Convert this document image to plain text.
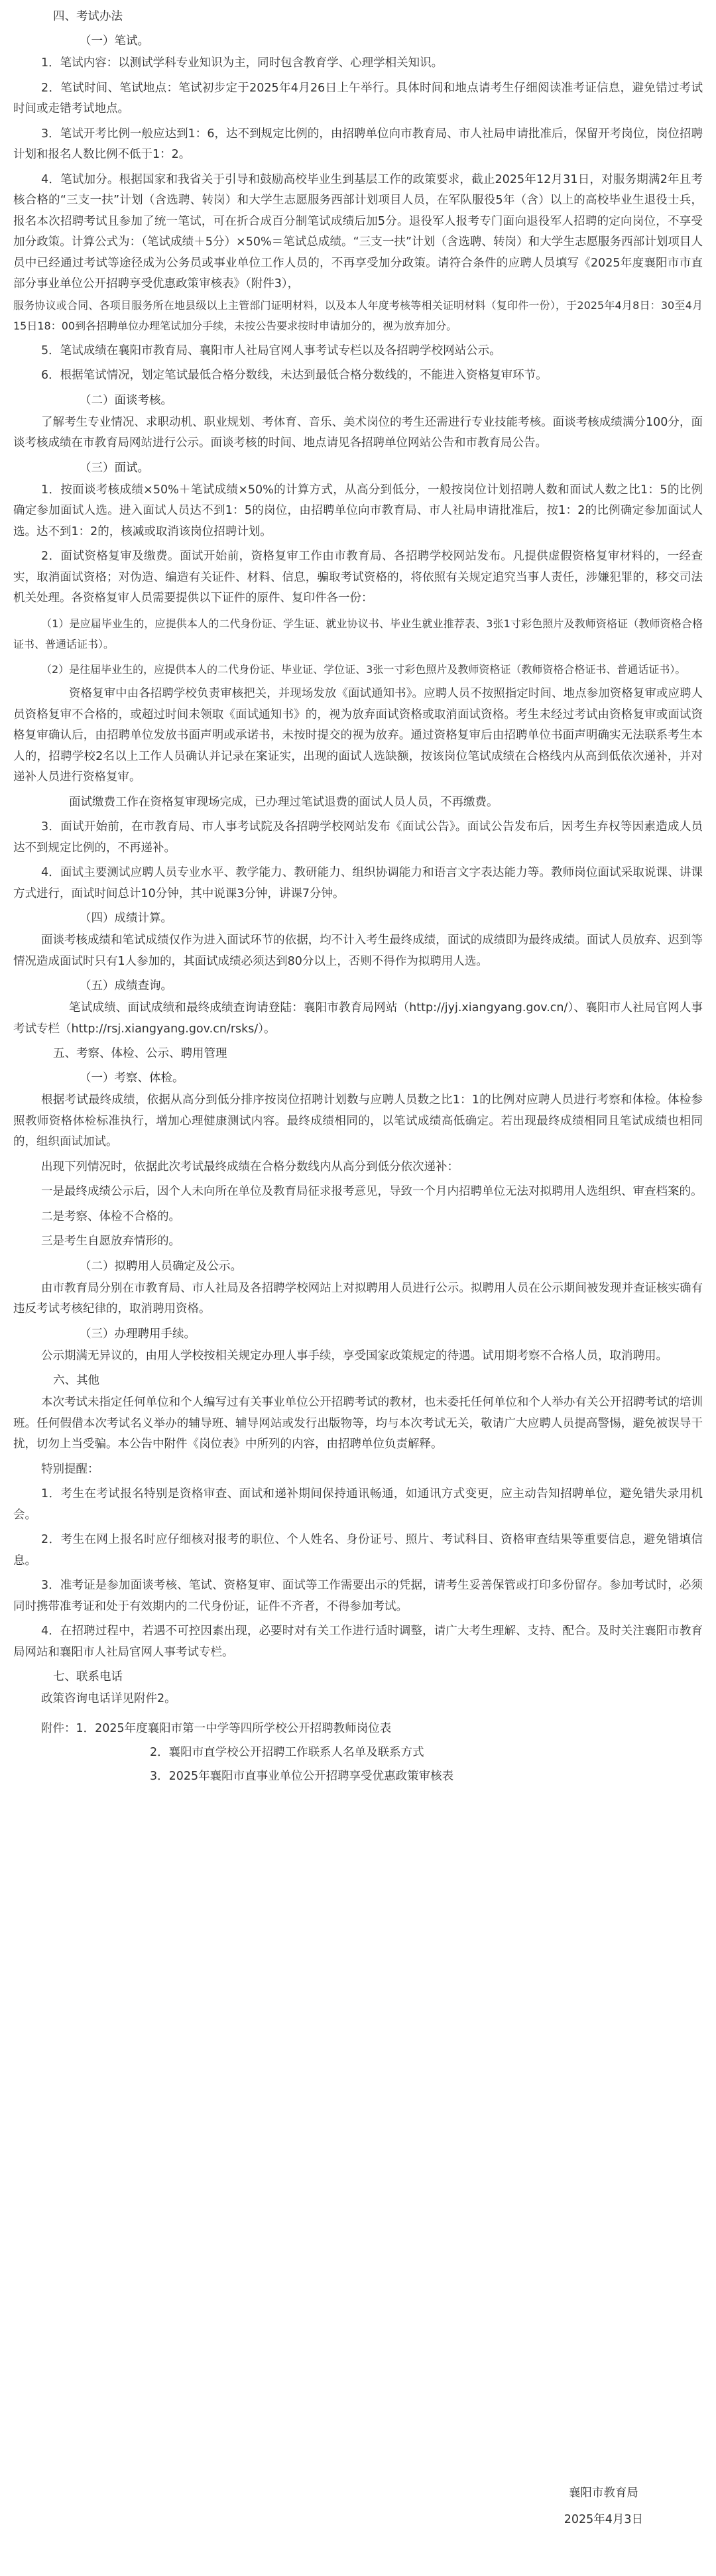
四、考试办法
（一）笔试。

1．笔试内容：以测试学科专业知识为主，同时包含教育学、心理学相关知识。

2．笔试时间、笔试地点：笔试初步定于2025年4月26日上午举行。具体时间和地点请考生仔细阅读准考证信息，避免错过考试时间或走错考试地点。

3．笔试开考比例一般应达到1：6，达不到规定比例的，由招聘单位向市教育局、市人社局申请批准后，保留开考岗位，岗位招聘计划和报名人数比例不低于1：2。

4．笔试加分。根据国家和我省关于引导和鼓励高校毕业生到基层工作的政策要求，截止2025年12月31日，对服务期满2年且考核合格的“三支一扶”计划（含选聘、转岗）和大学生志愿服务西部计划项目人员，在军队服役5年（含）以上的高校毕业生退役士兵，报名本次招聘考试且参加了统一笔试，可在折合成百分制笔试成绩后加5分。退役军人报考专门面向退役军人招聘的定向岗位，不享受加分政策。计算公式为：（笔试成绩＋5分）×50%＝笔试总成绩。“三支一扶”计划（含选聘、转岗）和大学生志愿服务西部计划项目人员中已经通过考试等途径成为公务员或事业单位工作人员的，不再享受加分政策。请符合条件的应聘人员填写《2025年度襄阳市市直部分事业单位公开招聘享受优惠政策审核表》（附件3），

服务协议或合同、各项目服务所在地县级以上主管部门证明材料，以及本人年度考核等相关证明材料（复印件一份），于2025年4月8日：30至4月15日18：00到各招聘单位办理笔试加分手续，未按公告要求按时申请加分的，视为放弃加分。

5．笔试成绩在襄阳市教育局、襄阳市人社局官网人事考试专栏以及各招聘学校网站公示。

6．根据笔试情况，划定笔试最低合格分数线，未达到最低合格分数线的，不能进入资格复审环节。

（二）面谈考核。

了解考生专业情况、求职动机、职业规划、考体育、音乐、美术岗位的考生还需进行专业技能考核。面谈考核成绩满分100分，面谈考核成绩在市教育局网站进行公示。面谈考核的时间、地点请见各招聘单位网站公告和市教育局公告。

（三）面试。

1．按面谈考核成绩×50%＋笔试成绩×50%的计算方式，从高分到低分，一般按岗位计划招聘人数和面试人数之比1：5的比例确定参加面试人选。进入面试人员达不到1：5的岗位，由招聘单位向市教育局、市人社局申请批准后，按1：2的比例确定参加面试人选。达不到1：2的，核减或取消该岗位招聘计划。

2．面试资格复审及缴费。面试开始前，资格复审工作由市教育局、各招聘学校网站发布。凡提供虚假资格复审材料的，一经查实，取消面试资格；对伪造、编造有关证件、材料、信息，骗取考试资格的，将依照有关规定追究当事人责任，涉嫌犯罪的，移交司法机关处理。各资格复审人员需要提供以下证件的原件、复印件各一份：

（1）是应届毕业生的，应提供本人的二代身份证、学生证、就业协议书、毕业生就业推荐表、3张1寸彩色照片及教师资格证（教师资格合格证书、普通话证书）。

（2）是往届毕业生的，应提供本人的二代身份证、毕业证、学位证、3张一寸彩色照片及教师资格证（教师资格合格证书、普通话证书）。

资格复审中由各招聘学校负责审核把关，并现场发放《面试通知书》。应聘人员不按照指定时间、地点参加资格复审或应聘人员资格复审不合格的，或超过时间未领取《面试通知书》的，视为放弃面试资格或取消面试资格。考生未经过考试由资格复审或面试资格复审确认后，由招聘单位发放书面声明或承诺书，未按时提交的视为放弃。通过资格复审后由招聘单位书面声明确实无法联系考生本人的，招聘学校2名以上工作人员确认并记录在案证实，出现的面试人选缺额，按该岗位笔试成绩在合格线内从高到低依次递补，并对递补人员进行资格复审。

面试缴费工作在资格复审现场完成，已办理过笔试退费的面试人员人员，不再缴费。

3．面试开始前，在市教育局、市人事考试院及各招聘学校网站发布《面试公告》。面试公告发布后，因考生弃权等因素造成人员达不到规定比例的，不再递补。

4．面试主要测试应聘人员专业水平、教学能力、教研能力、组织协调能力和语言文字表达能力等。教师岗位面试采取说课、讲课方式进行，面试时间总计10分钟，其中说课3分钟，讲课7分钟。

（四）成绩计算。

面谈考核成绩和笔试成绩仅作为进入面试环节的依据，均不计入考生最终成绩，面试的成绩即为最终成绩。面试人员放弃、迟到等情况造成面试时只有1人参加的，其面试成绩必须达到80分以上，否则不得作为拟聘用人选。

（五）成绩查询。

笔试成绩、面试成绩和最终成绩查询请登陆：襄阳市教育局网站（http://jyj.xiangyang.gov.cn/）、襄阳市人社局官网人事考试专栏（http://rsj.xiangyang.gov.cn/rsks/）。

五、考察、体检、公示、聘用管理
（一）考察、体检。

根据考试最终成绩，依据从高分到低分排序按岗位招聘计划数与应聘人员数之比1：1的比例对应聘人员进行考察和体检。体检参照教师资格体检标准执行，增加心理健康测试内容。最终成绩相同的，以笔试成绩高低确定。若出现最终成绩相同且笔试成绩也相同的，组织面试加试。

出现下列情况时，依据此次考试最终成绩在合格分数线内从高分到低分依次递补：

一是最终成绩公示后，因个人未向所在单位及教育局征求报考意见，导致一个月内招聘单位无法对拟聘用人选组织、审查档案的。

二是考察、体检不合格的。

三是考生自愿放弃情形的。

（二）拟聘用人员确定及公示。

由市教育局分别在市教育局、市人社局及各招聘学校网站上对拟聘用人员进行公示。拟聘用人员在公示期间被发现并查证核实确有违反考试考核纪律的，取消聘用资格。

（三）办理聘用手续。

公示期满无异议的，由用人学校按相关规定办理人事手续，享受国家政策规定的待遇。试用期考察不合格人员，取消聘用。

六、其他

本次考试未指定任何单位和个人编写过有关事业单位公开招聘考试的教材，也未委托任何单位和个人举办有关公开招聘考试的培训班。任何假借本次考试名义举办的辅导班、辅导网站或发行出版物等，均与本次考试无关，敬请广大应聘人员提高警惕，避免被误导干扰，切勿上当受骗。本公告中附件《岗位表》中所列的内容，由招聘单位负责解释。

特别提醒：

1．考生在考试报名特别是资格审查、面试和递补期间保持通讯畅通，如通讯方式变更，应主动告知招聘单位，避免错失录用机会。

2．考生在网上报名时应仔细核对报考的职位、个人姓名、身份证号、照片、考试科目、资格审查结果等重要信息，避免错填信息。

3．准考证是参加面谈考核、笔试、资格复审、面试等工作需要出示的凭据，请考生妥善保管或打印多份留存。参加考试时，必须同时携带准考证和处于有效期内的二代身份证，证件不齐者，不得参加考试。

4．在招聘过程中，若遇不可控因素出现，必要时对有关工作进行适时调整，请广大考生理解、支持、配合。及时关注襄阳市教育局网站和襄阳市人社局官网人事考试专栏。

七、联系电话

政策咨询电话详见附件2。

附件：1．2025年度襄阳市第一中学等四所学校公开招聘教师岗位表
2．襄阳市直学校公开招聘工作联系人名单及联系方式
3．2025年襄阳市直事业单位公开招聘享受优惠政策审核表
襄阳市教育局
2025年4月3日
